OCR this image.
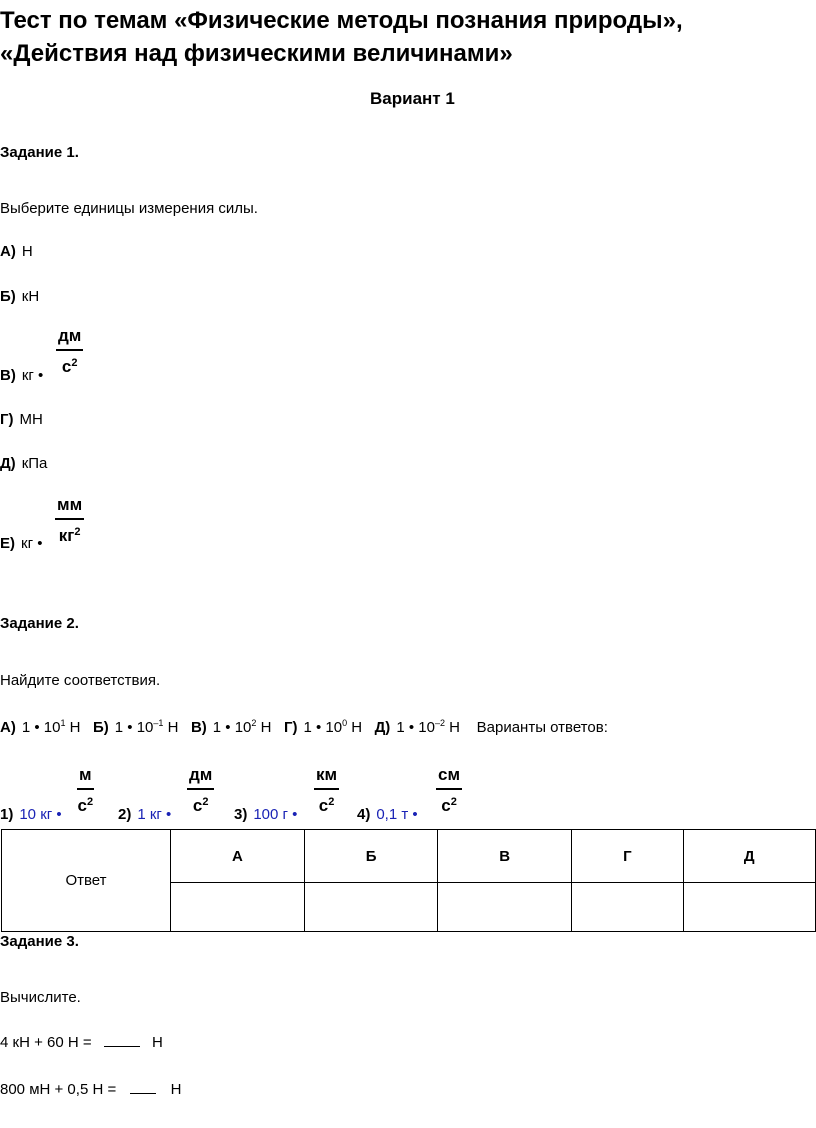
Тест по темам «Физические методы познания природы»,
«Действия над физическими величинами»
Вариант 1
Задание 1.
Выберите единицы измерения силы.
А) Н
Б) кН
В) кг •
дм
$с^2$
Г) МН
Д) кПа
Е) кг •
мм
$кг^2$
Задание 2.
Найдите соответствия.
А) 1 • $10^1$ Н Б) 1 • $10^{-1}$ Н В) 1 • $10^2$ Н Г) 1 • $10^0$ Н Д) 1 • $10^{-2}$ Н Варианты ответов:
1) 10 кг •
м
$с^2$
2) 1 кг •
дм
$с^2$
3) 100 г •
км
$с^2$
4) 0,1 т •
см
$с^2$
Ответ	А	Б	В	Г	Д

Задание 3.
Вычислите.
4 кН + 60 Н =	Н
800 мН + 0,5 Н =	Н
